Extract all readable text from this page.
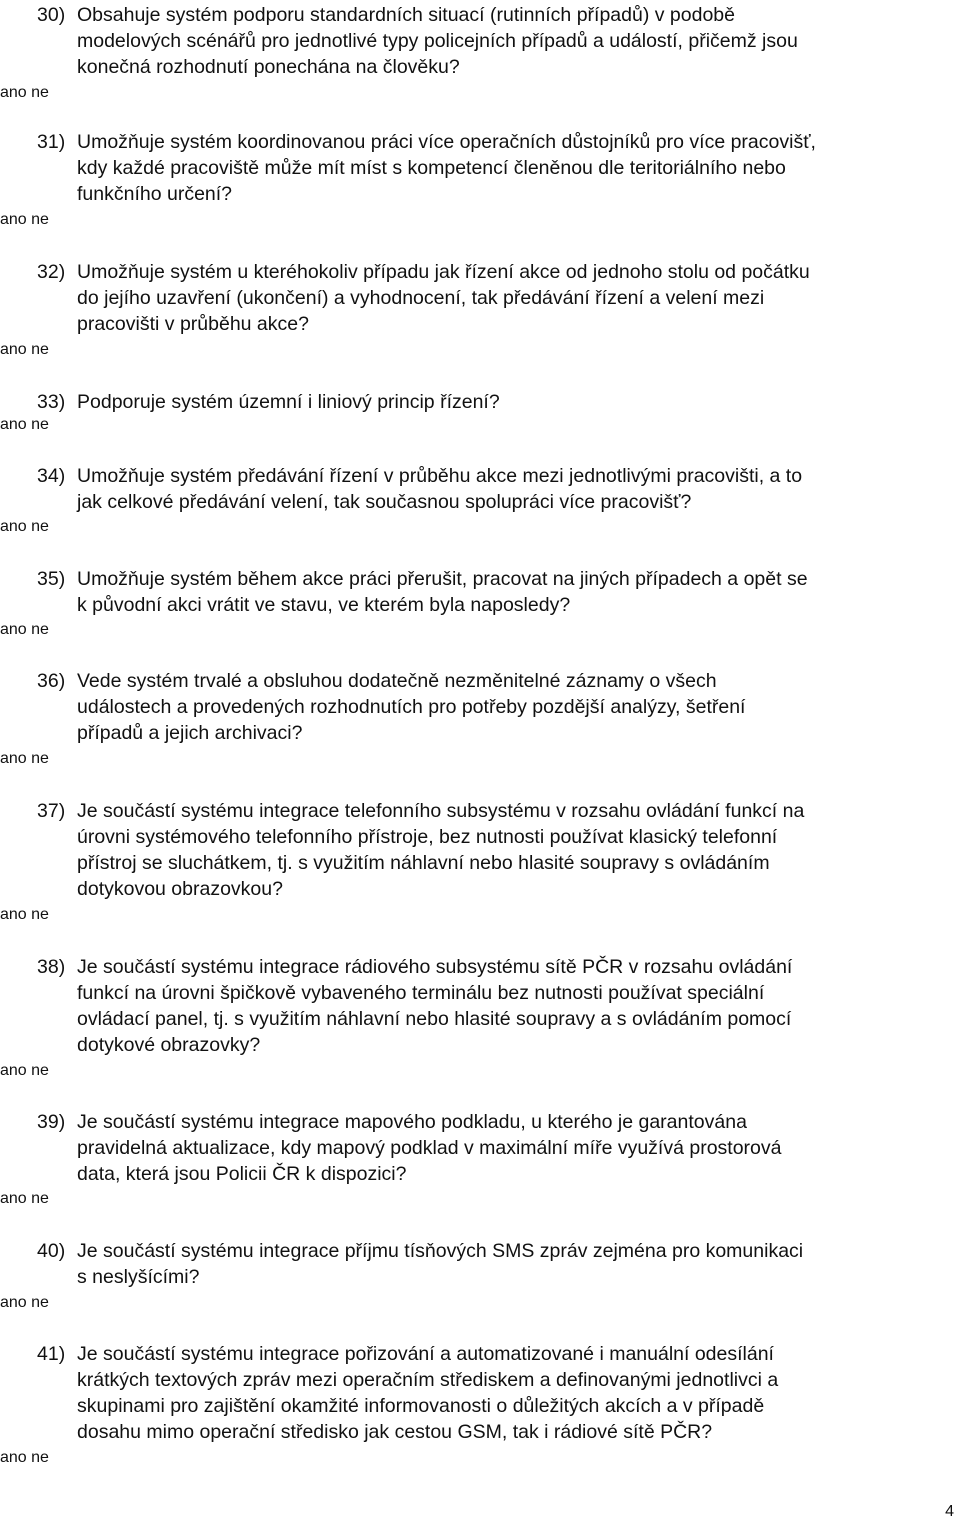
30) Obsahuje systém podporu standardních situací (rutinních případů) v podobě
modelových scénářů pro jednotlivé typy policejních případů a událostí, přičemž jsou
konečná rozhodnutí ponechána na člověku?
ano ne
31) Umožňuje systém koordinovanou práci více operačních důstojníků pro více pracovišť,
kdy každé pracoviště může mít míst s kompetencí členěnou dle teritoriálního nebo
funkčního určení?
ano ne
32) Umožňuje systém u kteréhokoliv případu jak řízení akce od jednoho stolu od počátku
do jejího uzavření (ukončení) a vyhodnocení, tak předávání řízení a velení mezi
pracovišti v průběhu akce?
ano ne
33) Podporuje systém územní i liniový princip řízení?
ano ne
34) Umožňuje systém předávání řízení v průběhu akce mezi jednotlivými pracovišti, a to
jak celkové předávání velení, tak současnou spolupráci více pracovišť?
ano ne
35) Umožňuje systém během akce práci přerušit, pracovat na jiných případech a opět se
k původní akci vrátit ve stavu, ve kterém byla naposledy?
ano ne
36) Vede systém trvalé a obsluhou dodatečně nezměnitelné záznamy o všech
událostech a provedených rozhodnutích pro potřeby pozdější analýzy, šetření
případů a jejich archivaci?
ano ne
37) Je součástí systému integrace telefonního subsystému v rozsahu ovládání funkcí na
úrovni systémového telefonního přístroje, bez nutnosti používat klasický telefonní
přístroj se sluchátkem, tj. s využitím náhlavní nebo hlasité soupravy s ovládáním
dotykovou obrazovkou?
ano ne
38) Je součástí systému integrace rádiového subsystému sítě PČR v rozsahu ovládání
funkcí na úrovni špičkově vybaveného terminálu bez nutnosti používat speciální
ovládací panel, tj. s využitím náhlavní nebo hlasité soupravy a s ovládáním pomocí
dotykové obrazovky?
ano ne
39) Je součástí systému integrace mapového podkladu, u kterého je garantována
pravidelná aktualizace, kdy mapový podklad v maximální míře využívá prostorová
data, která jsou Policii ČR k dispozici?
ano ne
40) Je součástí systému integrace příjmu tísňových SMS zpráv zejména pro komunikaci
s neslyšícími?
ano ne
41) Je součástí systému integrace pořizování a automatizované i manuální odesílání
krátkých textových zpráv mezi operačním střediskem a definovanými jednotlivci a
skupinami pro zajištění okamžité informovanosti o důležitých akcích a v případě
dosahu mimo operační středisko jak cestou GSM, tak i rádiové sítě PČR?
ano ne
4
